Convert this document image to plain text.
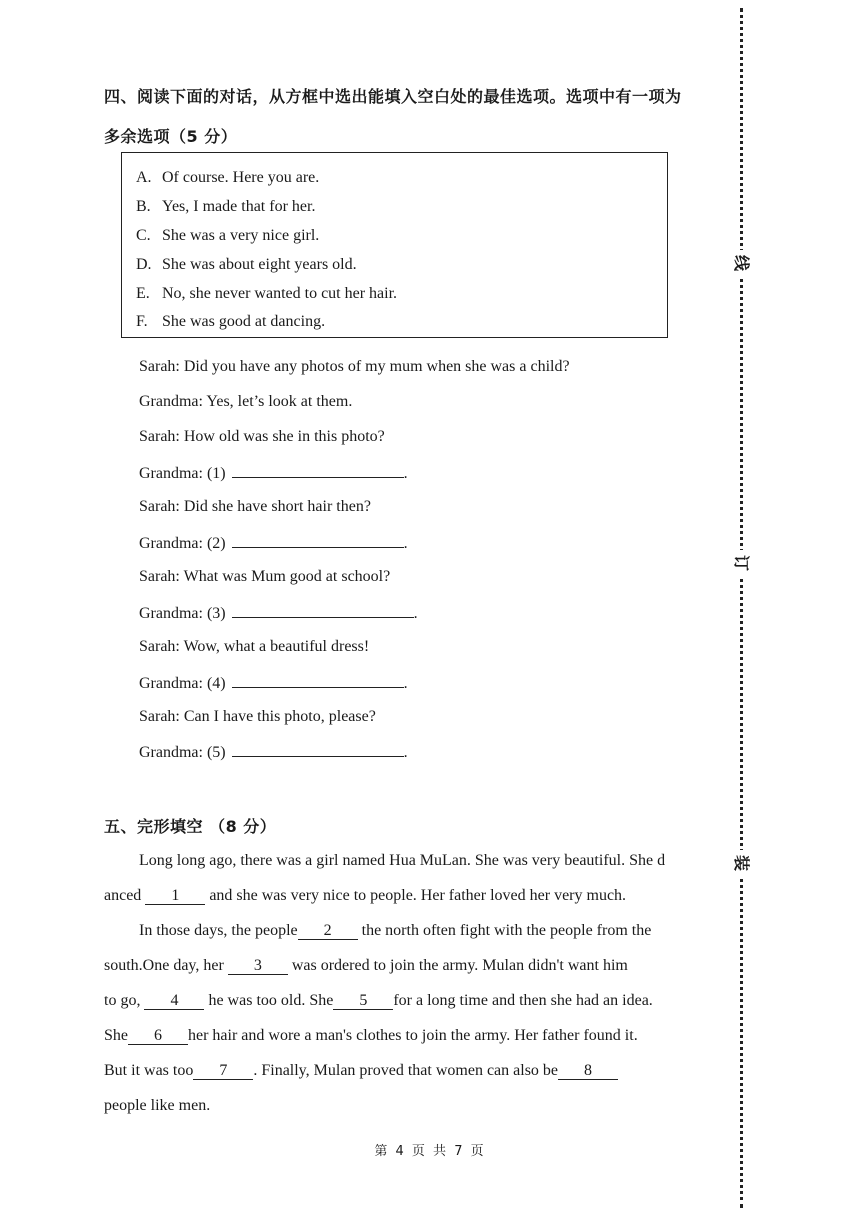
四、阅读下面的对话，从方框中选出能填入空白处的最佳选项。选项中有一项为
多余选项（5 分）
A. Of course. Here you are.
B. Yes, I made that for her.
C. She was a very nice girl.
D. She was about eight years old.
E. No, she never wanted to cut her hair.
F. She was good at dancing.
Sarah: Did you have any photos of my mum when she was a child?
Grandma: Yes, let’s look at them.
Sarah: How old was she in this photo?
Grandma: (1)	.
Sarah: Did she have short hair then?
Grandma: (2)	.
Sarah: What was Mum good at school?
Grandma: (3)	.
Sarah: Wow, what a beautiful dress!
Grandma: (4)	.
Sarah: Can I have this photo, please?
Grandma: (5)	.
五、完形填空 （8 分）
Long long ago, there was a girl named Hua MuLan. She was very beautiful. She d
anced 1 and she was very nice to people. Her father loved her very much.
In those days, the people 2 the north often fight with the people from the
south.One day, her 3 was ordered to join the army. Mulan didn't want him
to go, 4 he was too old. She 5 for a long time and then she had an idea.
She 6 her hair and wore a man's clothes to join the army. Her father found it.
But it was too 7 . Finally, Mulan proved that women can also be 8
people like men.
第 4 页 共 7 页
线
订
装
